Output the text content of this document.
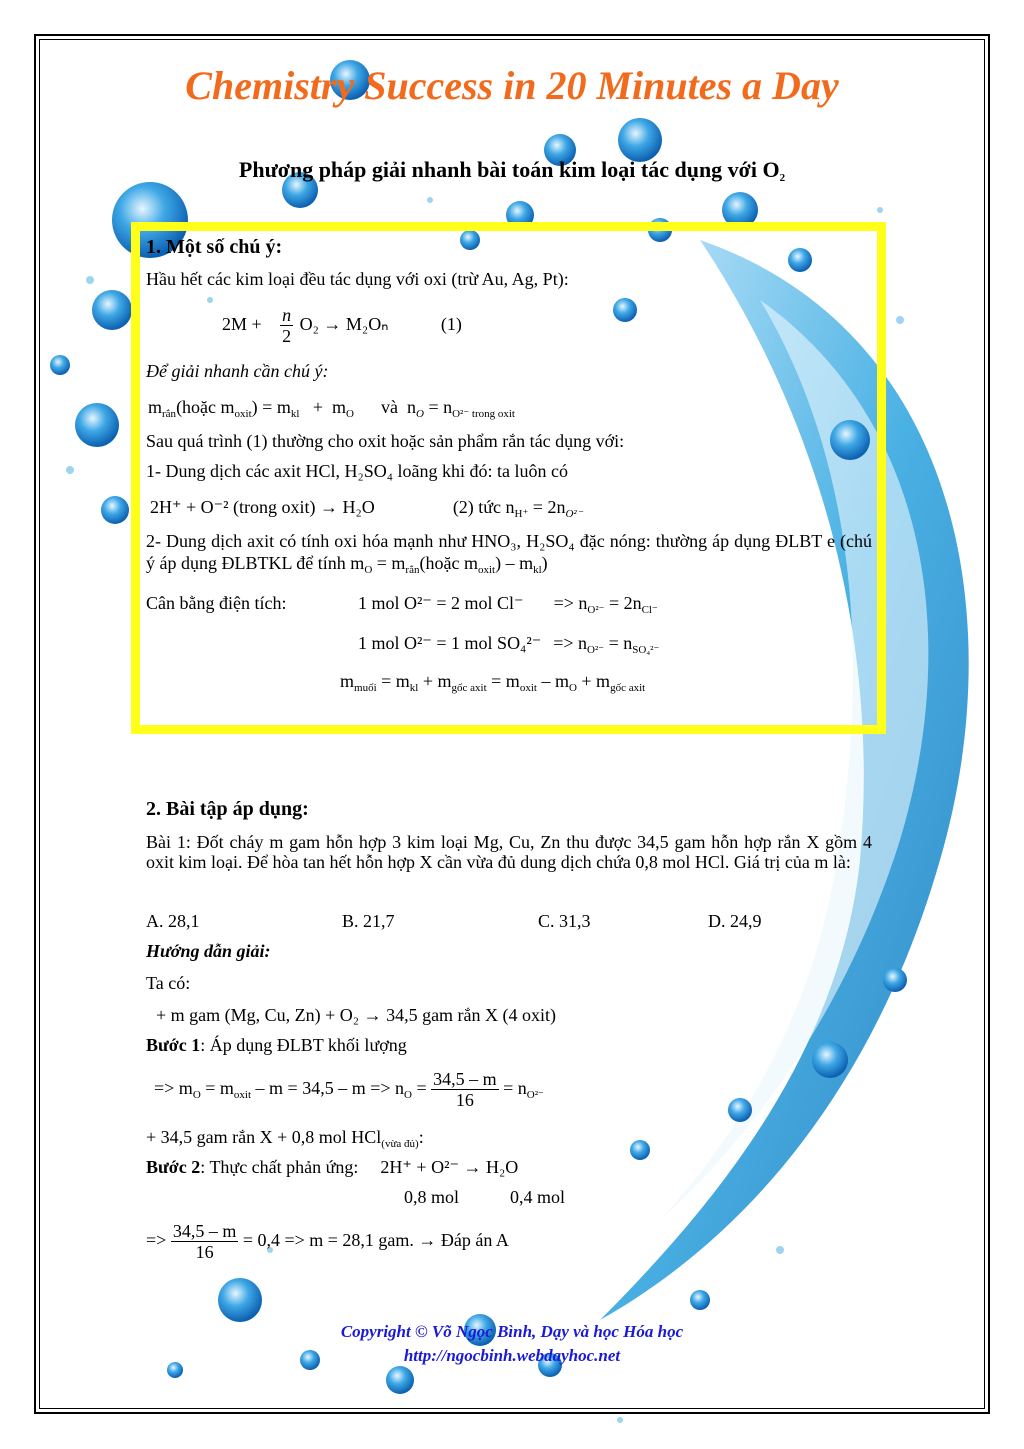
Chemistry Success in 20 Minutes a Day
Phương pháp giải nhanh bài toán kim loại tác dụng với $O_2$
1. Một số chú ý:
Hầu hết các kim loại đều tác dụng với oxi (trừ Au, Ag, Pt):
$2M + \frac{n}{2} O_2 \to M_2O_n$	(1)
Để giải nhanh cần chú ý:
$m_{rắn}(hoặc$ $m_{oxit}) = m_{kl} + m_O$      và  $n_O = n_{O^{2-} trong oxit}$
Sau quá trình (1) thường cho oxit hoặc sản phẩm rắn tác dụng với:
1- Dung dịch các axit HCl, H₂SO₄ loãng khi đó: ta luôn có
2H⁺ + O⁻² (trong oxit) → H₂O	(2) tức $n_{H^+} = 2n_{O^{2-}}$
2- Dung dịch axit có tính oxi hóa mạnh như HNO₃, H₂SO₄ đặc nóng: thường áp dụng ĐLBT e (chú ý áp dụng ĐLBTKL để tính $m_O$ = $m_{rắn}(hoặc$ $m_{oxit}) - m_{kl}$)
Cân bằng điện tích:	1 mol O²⁻ = 2 mol $Cl^- => n_{O^{2-}} = 2n_{Cl^-}$
1 mol O²⁻ = 1 mol $SO_4^{2-} => n_{O^{2-}} = n_{SO_4^{2-}}$
$m_{muối} = m_{kl} + m_{gốc axit} = m_{oxit} - m_O + m_{gốc axit}$
2. Bài tập áp dụng:
Bài 1: Đốt cháy m gam hỗn hợp 3 kim loại Mg, Cu, Zn thu được 34,5 gam hỗn hợp rắn X gồm 4 oxit kim loại. Để hòa tan hết hỗn hợp X cần vừa đủ dung dịch chứa 0,8 mol HCl. Giá trị của m là:
A. 28,1	B. 21,7	C. 31,3	D. 24,9
Hướng dẫn giải:
Ta có:
+ m gam (Mg, Cu, Zn) + O₂ → 34,5 gam rắn X (4 oxit)
Bước 1: Áp dụng ĐLBT khối lượng
=> $m_O = m_{oxit} - m = 34,5 - m => n_O = \frac{34,5 - m}{16} = n_{O^{2-}}$
+ 34,5 gam rắn X + 0,8 mol HCl$_{(vừa đủ)}$:
Bước 2: Thực chất phản ứng: 2H⁺ + O²⁻ → H₂O
0,8 mol	0,4 mol
=> $\frac{34,5 - m}{16} = 0,4 => m = 28,1$ gam. → Đáp án A
Copyright © Võ Ngọc Bình, Dạy và học Hóa học
http://ngocbinh.webdayhoc.net
